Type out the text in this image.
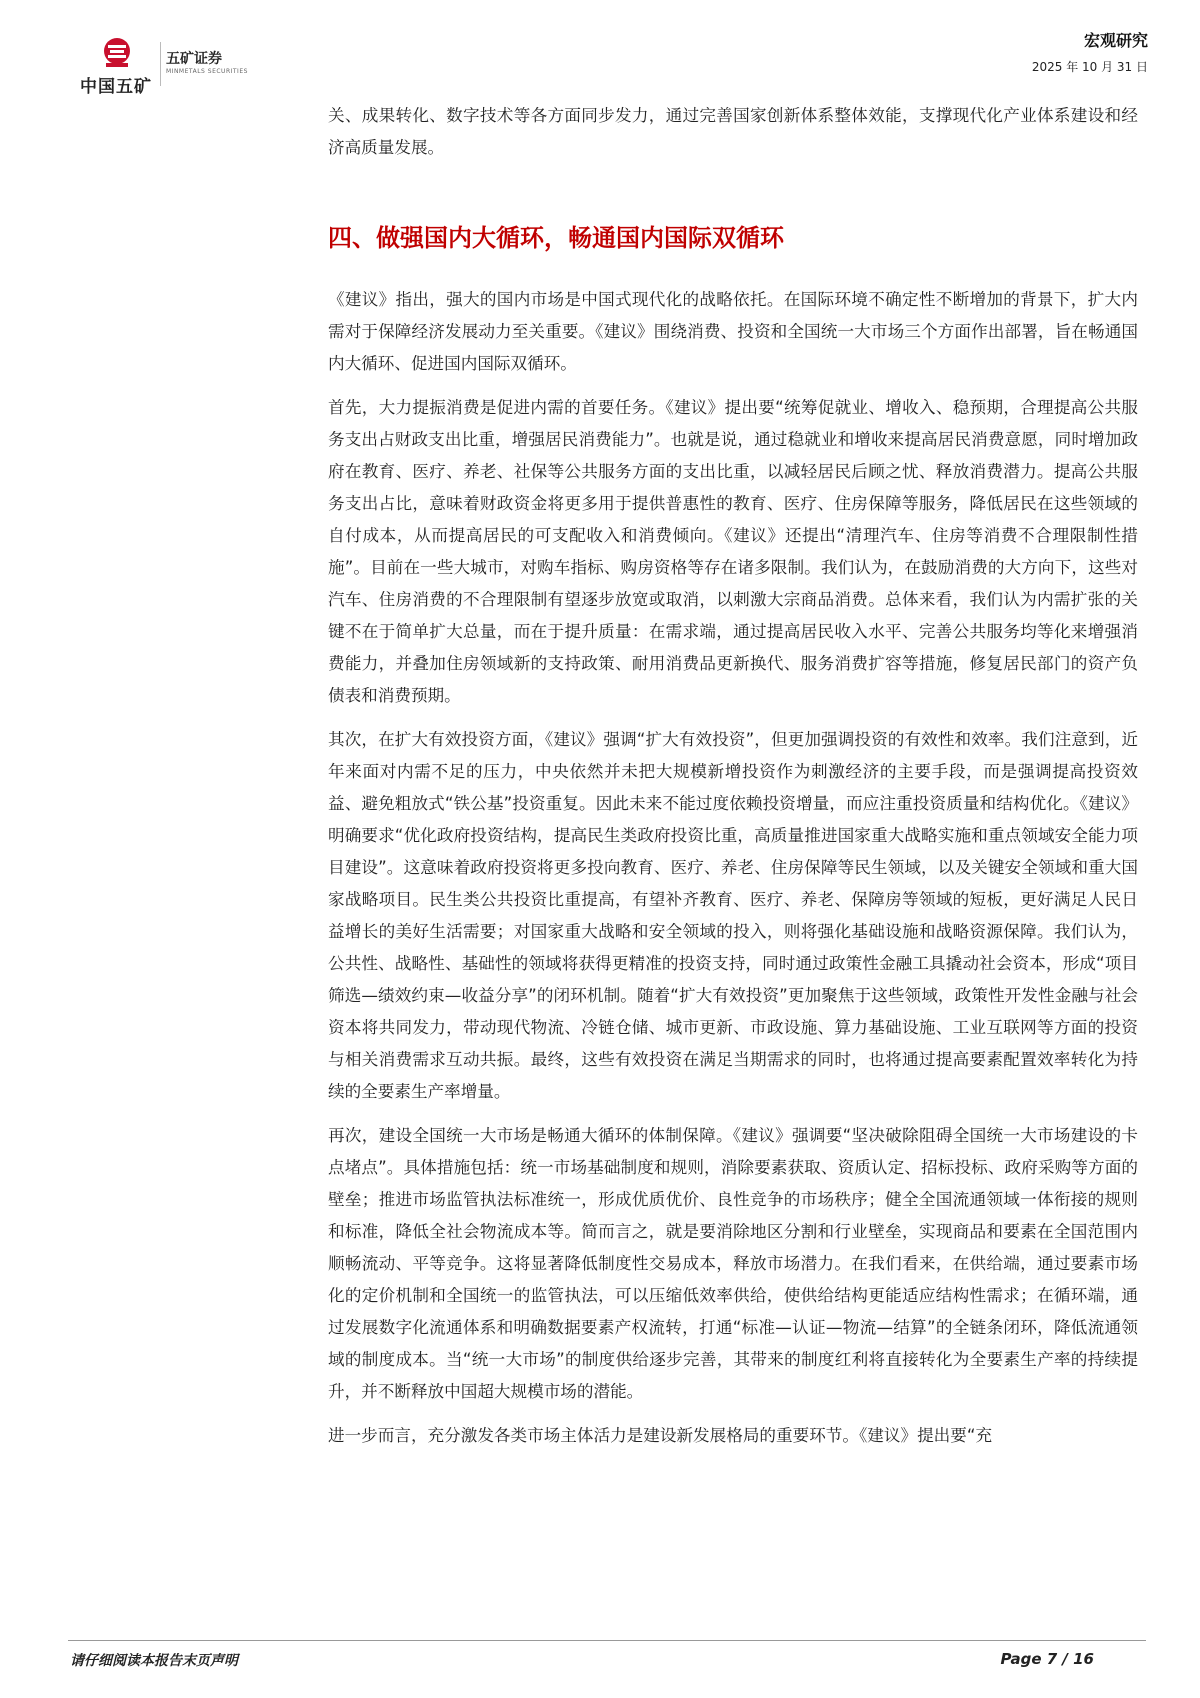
中国五矿
五矿证券
MINMETALS SECURITIES
宏观研究
2025 年 10 月 31 日

关、成果转化、数字技术等各方面同步发力，通过完善国家创新体系整体效能，支撑现代化产业体系建设和经济高质量发展。

四、做强国内大循环，畅通国内国际双循环

《建议》指出，强大的国内市场是中国式现代化的战略依托。在国际环境不确定性不断增加的背景下，扩大内需对于保障经济发展动力至关重要。《建议》围绕消费、投资和全国统一大市场三个方面作出部署，旨在畅通国内大循环、促进国内国际双循环。

首先，大力提振消费是促进内需的首要任务。《建议》提出要“统筹促就业、增收入、稳预期，合理提高公共服务支出占财政支出比重，增强居民消费能力”。也就是说，通过稳就业和增收来提高居民消费意愿，同时增加政府在教育、医疗、养老、社保等公共服务方面的支出比重，以减轻居民后顾之忧、释放消费潜力。提高公共服务支出占比，意味着财政资金将更多用于提供普惠性的教育、医疗、住房保障等服务，降低居民在这些领域的自付成本，从而提高居民的可支配收入和消费倾向。《建议》还提出“清理汽车、住房等消费不合理限制性措施”。目前在一些大城市，对购车指标、购房资格等存在诸多限制。我们认为，在鼓励消费的大方向下，这些对汽车、住房消费的不合理限制有望逐步放宽或取消，以刺激大宗商品消费。总体来看，我们认为内需扩张的关键不在于简单扩大总量，而在于提升质量：在需求端，通过提高居民收入水平、完善公共服务均等化来增强消费能力，并叠加住房领域新的支持政策、耐用消费品更新换代、服务消费扩容等措施，修复居民部门的资产负债表和消费预期。

其次，在扩大有效投资方面，《建议》强调“扩大有效投资”，但更加强调投资的有效性和效率。我们注意到，近年来面对内需不足的压力，中央依然并未把大规模新增投资作为刺激经济的主要手段，而是强调提高投资效益、避免粗放式“铁公基”投资重复。因此未来不能过度依赖投资增量，而应注重投资质量和结构优化。《建议》明确要求“优化政府投资结构，提高民生类政府投资比重，高质量推进国家重大战略实施和重点领域安全能力项目建设”。这意味着政府投资将更多投向教育、医疗、养老、住房保障等民生领域，以及关键安全领域和重大国家战略项目。民生类公共投资比重提高，有望补齐教育、医疗、养老、保障房等领域的短板，更好满足人民日益增长的美好生活需要；对国家重大战略和安全领域的投入，则将强化基础设施和战略资源保障。我们认为，公共性、战略性、基础性的领域将获得更精准的投资支持，同时通过政策性金融工具撬动社会资本，形成“项目筛选—绩效约束—收益分享”的闭环机制。随着“扩大有效投资”更加聚焦于这些领域，政策性开发性金融与社会资本将共同发力，带动现代物流、冷链仓储、城市更新、市政设施、算力基础设施、工业互联网等方面的投资与相关消费需求互动共振。最终，这些有效投资在满足当期需求的同时，也将通过提高要素配置效率转化为持续的全要素生产率增量。

再次，建设全国统一大市场是畅通大循环的体制保障。《建议》强调要“坚决破除阻碍全国统一大市场建设的卡点堵点”。具体措施包括：统一市场基础制度和规则，消除要素获取、资质认定、招标投标、政府采购等方面的壁垒；推进市场监管执法标准统一，形成优质优价、良性竞争的市场秩序；健全全国流通领域一体衔接的规则和标准，降低全社会物流成本等。简而言之，就是要消除地区分割和行业壁垒，实现商品和要素在全国范围内顺畅流动、平等竞争。这将显著降低制度性交易成本，释放市场潜力。在我们看来，在供给端，通过要素市场化的定价机制和全国统一的监管执法，可以压缩低效率供给，使供给结构更能适应结构性需求；在循环端，通过发展数字化流通体系和明确数据要素产权流转，打通“标准—认证—物流—结算”的全链条闭环，降低流通领域的制度成本。当“统一大市场”的制度供给逐步完善，其带来的制度红利将直接转化为全要素生产率的持续提升，并不断释放中国超大规模市场的潜能。

进一步而言，充分激发各类市场主体活力是建设新发展格局的重要环节。《建议》提出要“充

请仔细阅读本报告末页声明	Page 7 / 16
